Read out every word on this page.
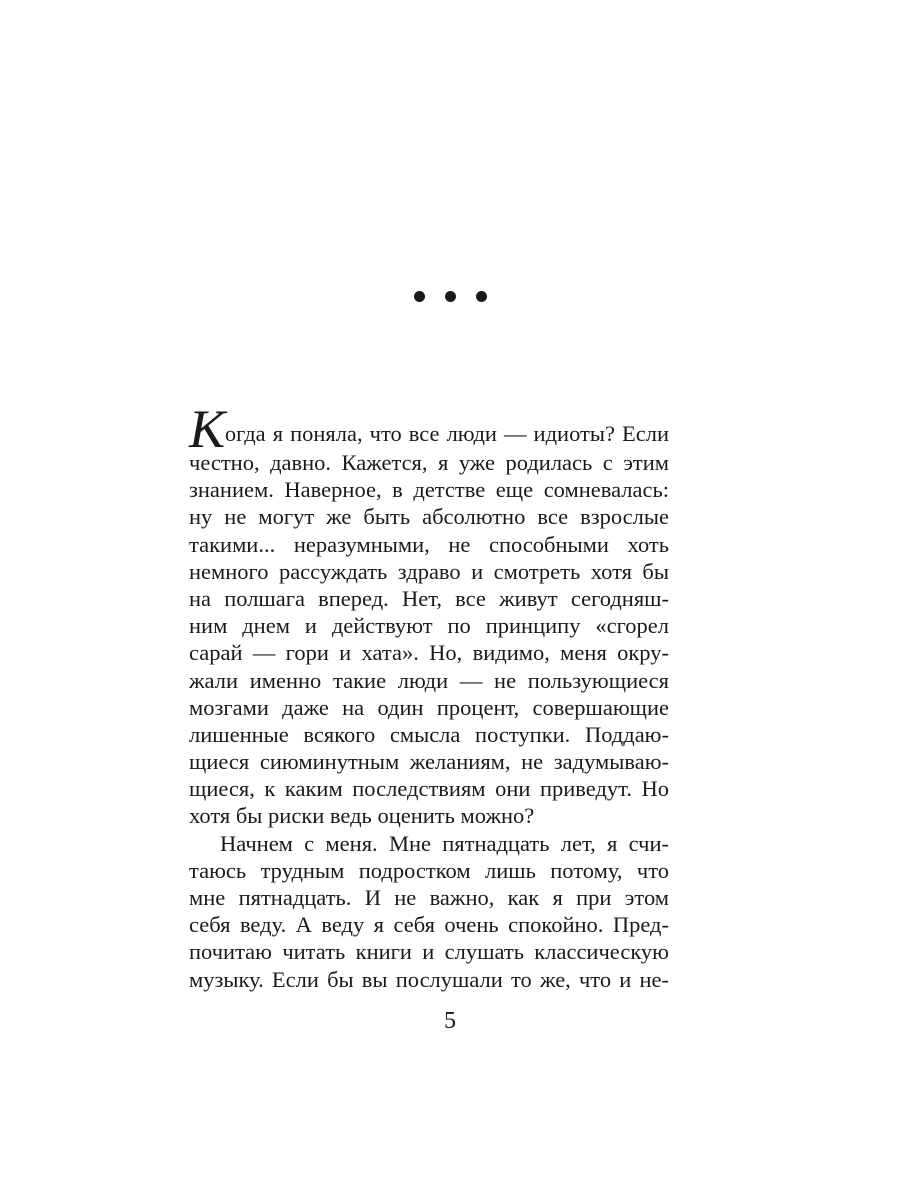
К огда я поняла, что все люди — идиоты? Если
честно, давно. Кажется, я уже родилась с этим
знанием. Наверное, в детстве еще сомневалась:
ну не могут же быть абсолютно все взрослые
такими... неразумными, не способными хоть
немного рассуждать здраво и смотреть хотя бы
на полшага вперед. Нет, все живут сегодняш-
ним днем и действуют по принципу «сгорел
сарай — гори и хата». Но, видимо, меня окру-
жали именно такие люди — не пользующиеся
мозгами даже на один процент, совершающие
лишенные всякого смысла поступки. Поддаю-
щиеся сиюминутным желаниям, не задумываю-
щиеся, к каким последствиям они приведут. Но
хотя бы риски ведь оценить можно?
Начнем с меня. Мне пятнадцать лет, я счи-
таюсь трудным подростком лишь потому, что
мне пятнадцать. И не важно, как я при этом
себя веду. А веду я себя очень спокойно. Пред-
почитаю читать книги и слушать классическую
музыку. Если бы вы послушали то же, что и не-
5
